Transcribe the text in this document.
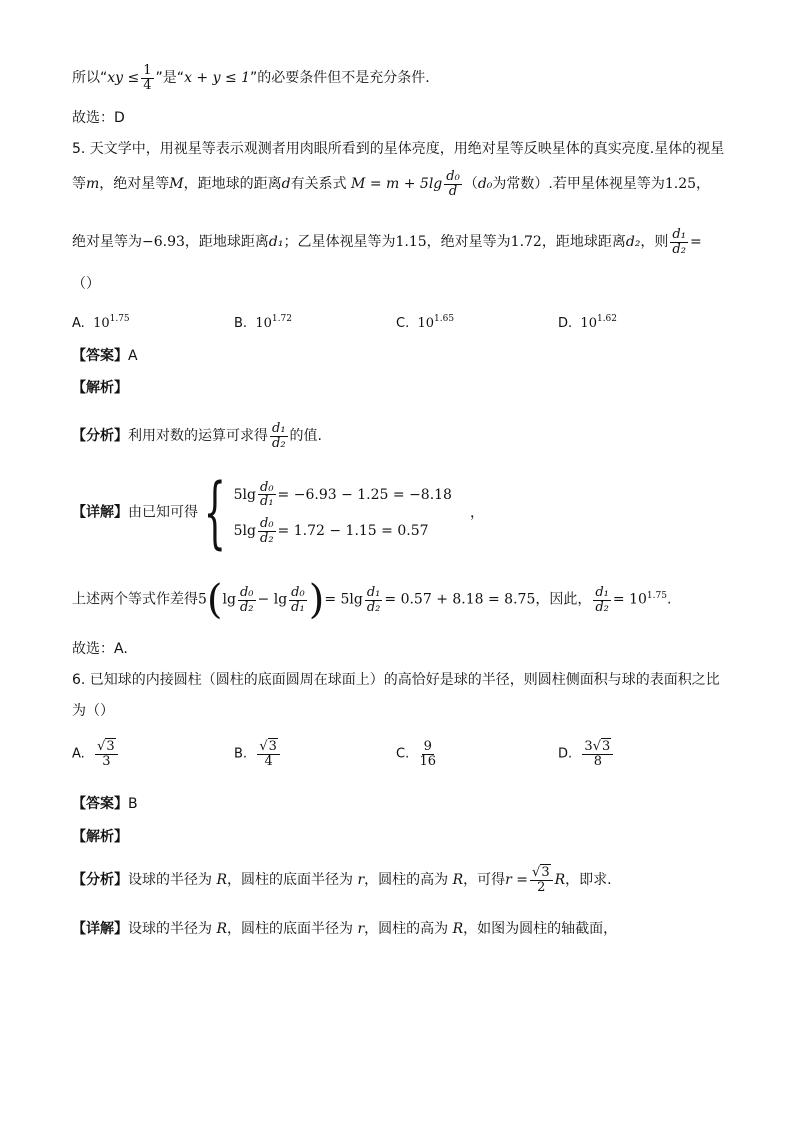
所以“xy ≤ $\frac{1}{4}$ ”是“x + y ≤ 1”的必要条件但不是充分条件.
故选：D
5. 天文学中，用视星等表示观测者用肉眼所看到的星体亮度，用绝对星等反映星体的真实亮度.星体的视星
等m，绝对星等M，距地球的距离d有关系式 $M = m + 5\lg \frac{\text{d₀}}{d} (d_0$为常数）.若甲星体视星等为1.25，
绝对星等为−6.93，距地球距离d₁；乙星体视星等为1.15，绝对星等为1.72，距地球距离d₂，则 $\frac{\text{d₁}}{\text{d₂}}$ =
（）
A. $10^{1.75}$	B. $10^{1.72}$	C. $10^{1.65}$	D. $10^{1.62}$
【答案】A
【解析】
【分析】利用对数的运算可求得 $\frac{\text{d₁}}{\text{d₂}}$ 的值.
【详解】由已知可得{ $5\lg \frac{\text{d₀}}{\text{d₁}} = -6.93 - 1.25 = -8.18$
$5\lg \frac{\text{d₀}}{\text{d₂}} = 1.72 - 1.15 = 0.57$
，
上述两个等式作差得$5(\lg \frac{\text{d₀}}{\text{d₂}} - \lg \frac{\text{d₀}}{\text{d₁}}$ )= $5\lg \frac{\text{d₁}}{\text{d₂}} = 0.57 + 8.18 = 8.75$，因此， $\frac{\text{d₁}}{\text{d₂}} = 10^{1.75}$.
故选：A.
6. 已知球的内接圆柱（圆柱的底面圆周在球面上）的高恰好是球的半径，则圆柱侧面积与球的表面积之比
为（）
A. $\frac{√3}{3}$	B. $\frac{√3}{4}$	C. $\frac{9}{16}$	D. $\frac{3√3}{8}$
【答案】B
【解析】
【分析】设球的半径为 R，圆柱的底面半径为 r，圆柱的高为 R，可得$r = \frac{√3}{2}$ R，即求.
【详解】设球的半径为 R，圆柱的底面半径为 r，圆柱的高为 R，如图为圆柱的轴截面，
